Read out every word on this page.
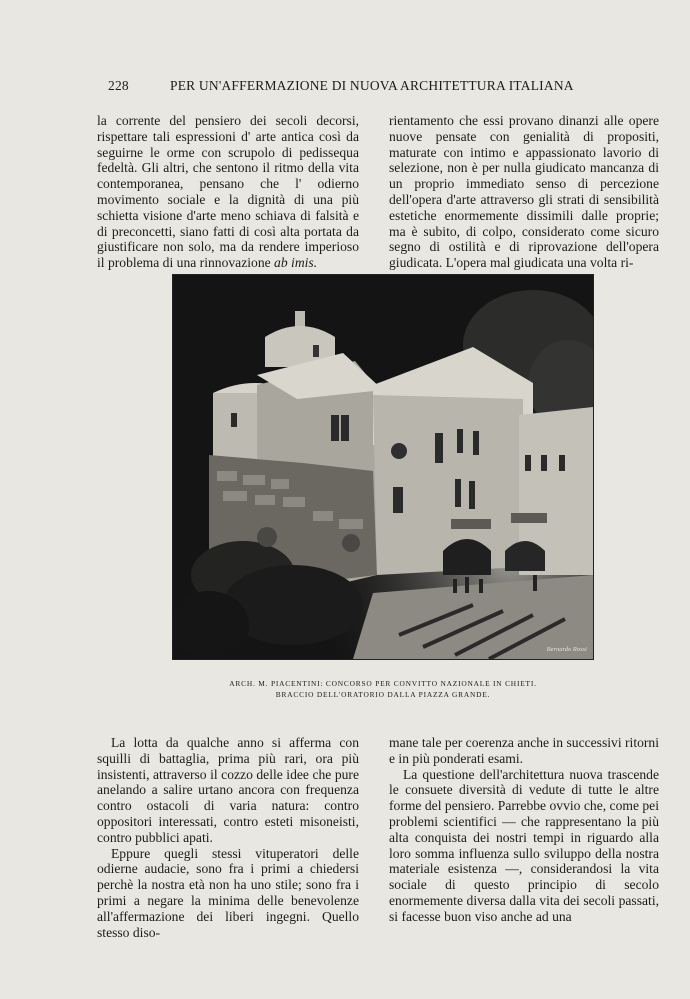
228	PER UN'AFFERMAZIONE DI NUOVA ARCHITETTURA ITALIANA

la corrente del pensiero dei secoli decorsi, rispettare tali espressioni d' arte antica così da seguirne le orme con scrupolo di pedissequa fedeltà. Gli altri, che sentono il ritmo della vita contemporanea, pensano che l' odierno movimento sociale e la dignità di una più schietta visione d'arte meno schiava di falsità e di preconcetti, siano fatti di così alta portata da giustificare non solo, ma da rendere imperioso il problema di una rinnovazione ab imis.

rientamento che essi provano dinanzi alle opere nuove pensate con genialità di propositi, maturate con intimo e appassionato lavorio di selezione, non è per nulla giudicato mancanza di un proprio immediato senso di percezione dell'opera d'arte attraverso gli strati di sensibilità estetiche enormemente dissimili dalle proprie; ma è subito, di colpo, considerato come sicuro segno di ostilità e di riprovazione dell'opera giudicata. L'opera mal giudicata una volta ri-

Bernardo Rossi
ARCH. M. PIACENTINI: CONCORSO PER CONVITTO NAZIONALE IN CHIETI.
BRACCIO DELL'ORATORIO DALLA PIAZZA GRANDE.

La lotta da qualche anno si afferma con squilli di battaglia, prima più rari, ora più insistenti, attraverso il cozzo delle idee che pure anelando a salire urtano ancora con frequenza contro ostacoli di varia natura: contro oppositori interessati, contro esteti misoneisti, contro pubblici apati.

Eppure quegli stessi vituperatori delle odierne audacie, sono fra i primi a chiedersi perchè la nostra età non ha uno stile; sono fra i primi a negare la minima delle benevolenze all'affermazione dei liberi ingegni. Quello stesso diso-

mane tale per coerenza anche in successivi ritorni e in più ponderati esami.

La questione dell'architettura nuova trascende le consuete diversità di vedute di tutte le altre forme del pensiero. Parrebbe ovvio che, come pei problemi scientifici — che rappresentano la più alta conquista dei nostri tempi in riguardo alla loro somma influenza sullo sviluppo della nostra materiale esistenza —, considerandosi la vita sociale di questo principio di secolo enormemente diversa dalla vita dei secoli passati, si facesse buon viso anche ad una
